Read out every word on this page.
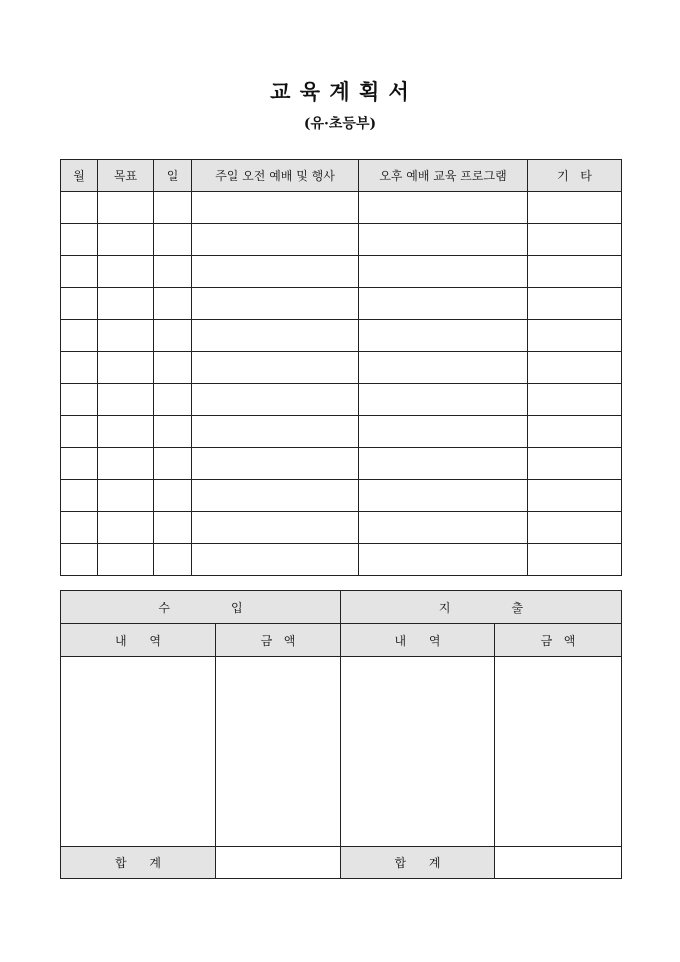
교 육 계 획 서
(유·초등부)
월	목표	일	주일 오전 예배 및 행사	오후 예배 교육 프로그램	기   타

수                입		지                출	
내      역	금   액	내      역	금   액

합      계		합      계	
